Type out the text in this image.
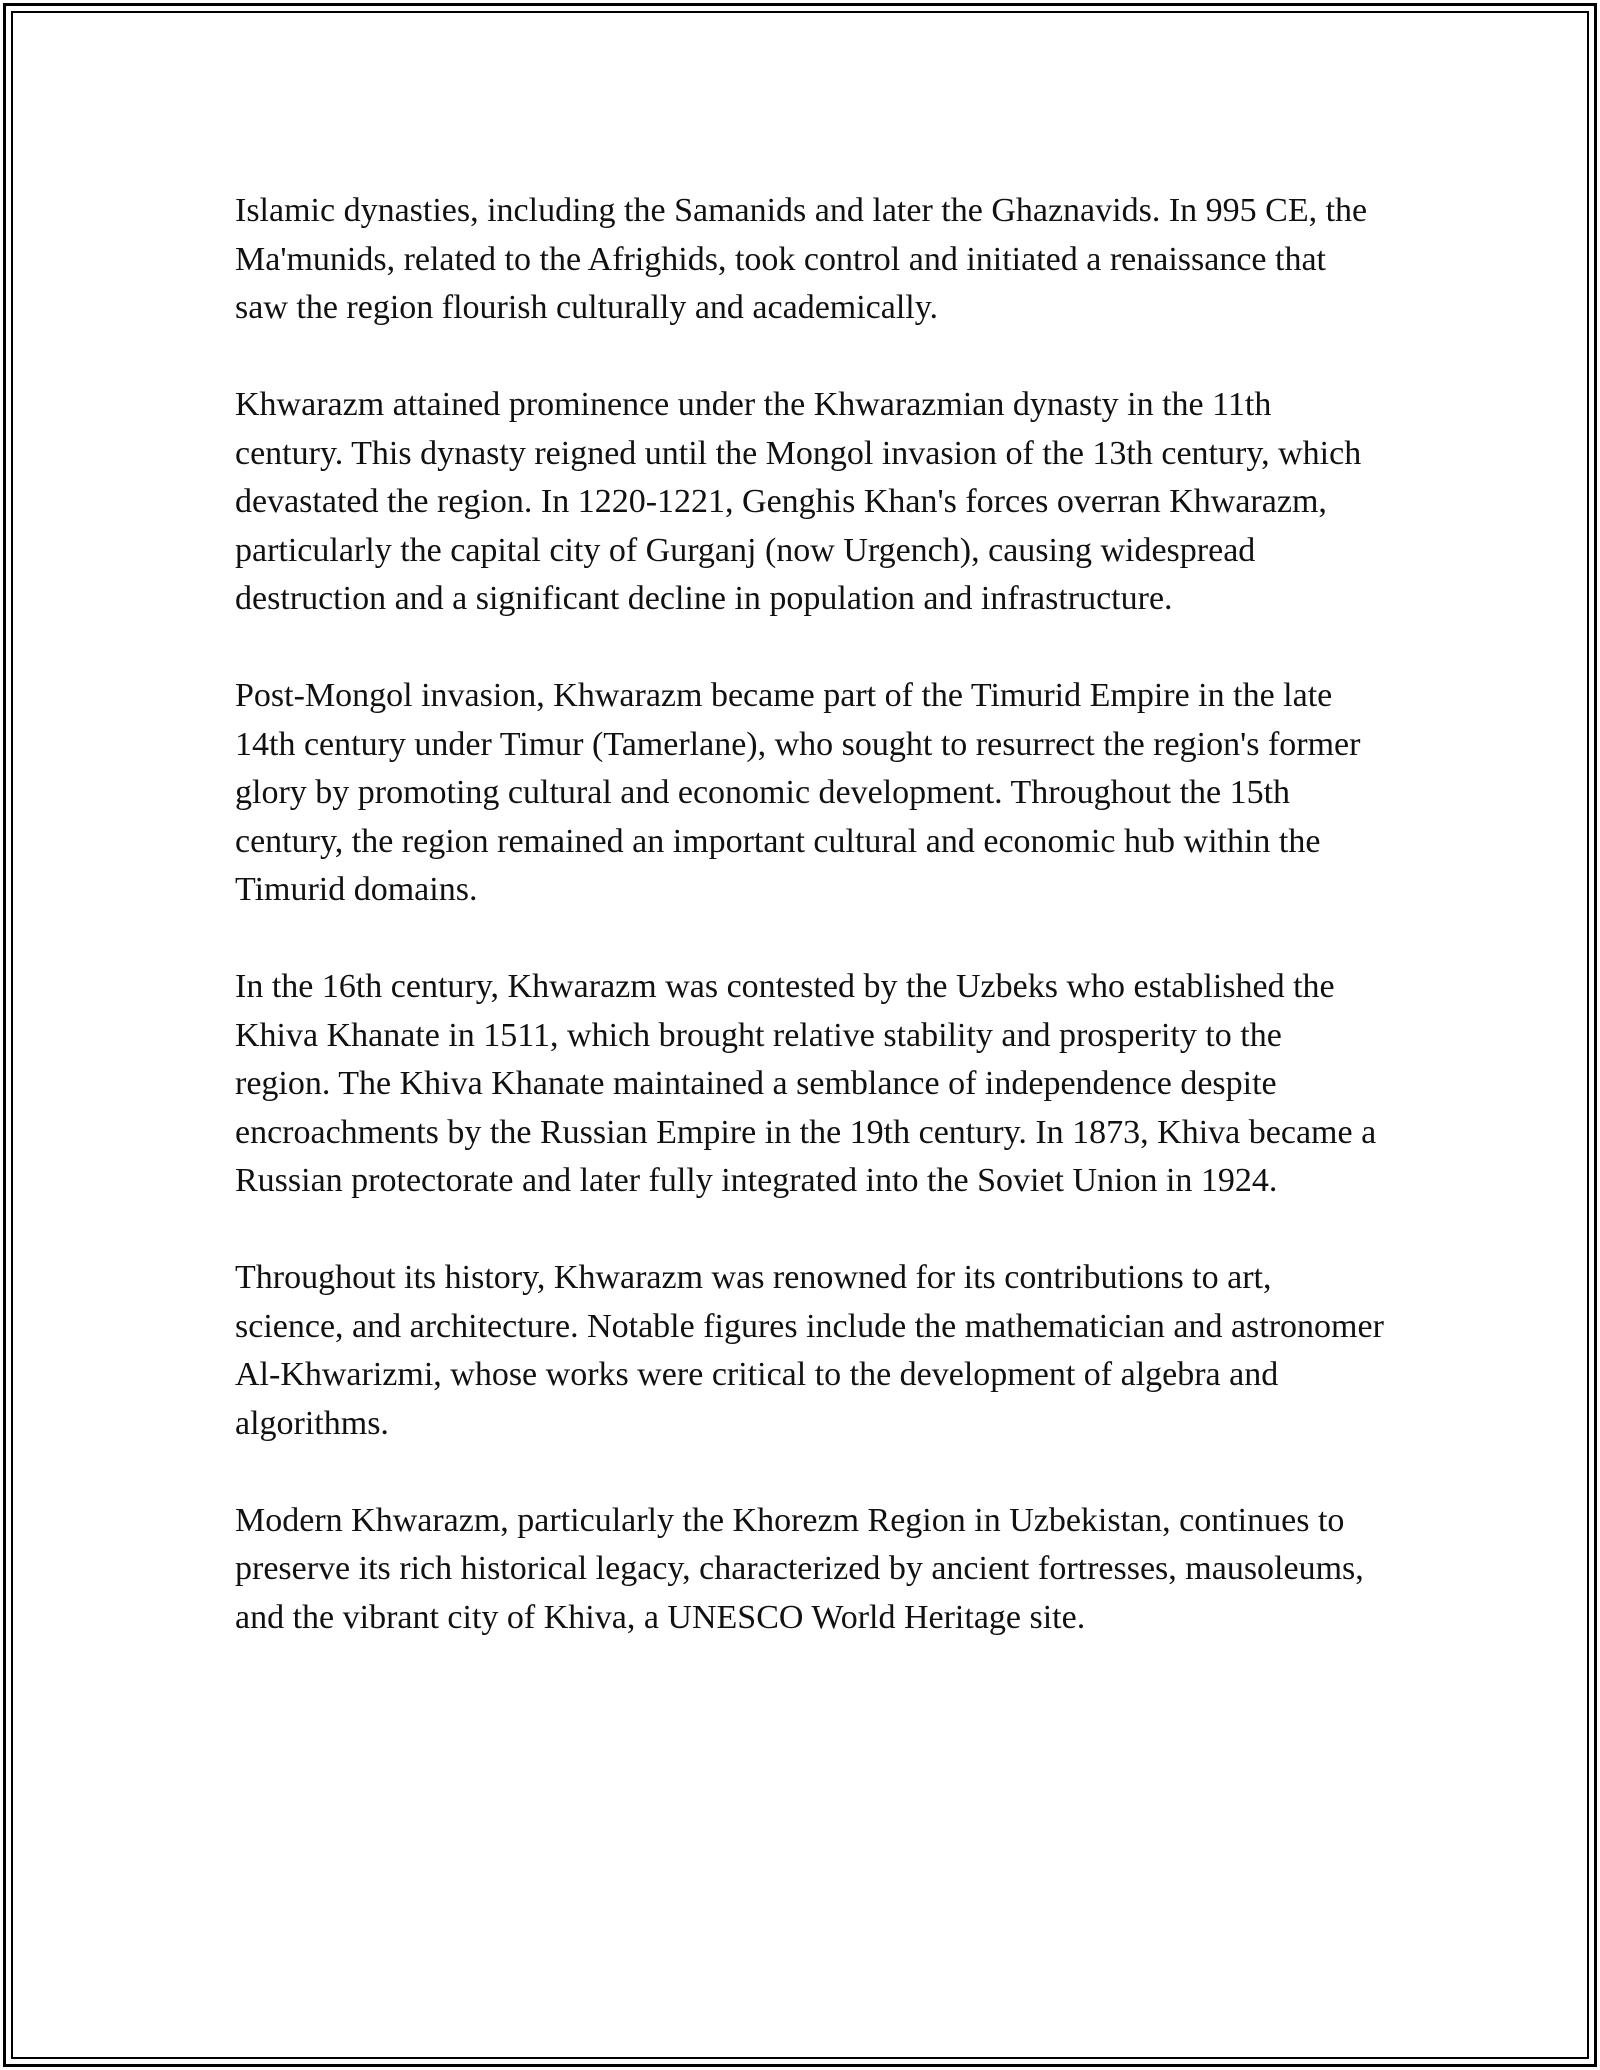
Islamic dynasties, including the Samanids and later the Ghaznavids. In 995 CE, the Ma'munids, related to the Afrighids, took control and initiated a renaissance that saw the region flourish culturally and academically.

Khwarazm attained prominence under the Khwarazmian dynasty in the 11th century. This dynasty reigned until the Mongol invasion of the 13th century, which devastated the region. In 1220-1221, Genghis Khan's forces overran Khwarazm, particularly the capital city of Gurganj (now Urgench), causing widespread destruction and a significant decline in population and infrastructure.

Post-Mongol invasion, Khwarazm became part of the Timurid Empire in the late 14th century under Timur (Tamerlane), who sought to resurrect the region's former glory by promoting cultural and economic development. Throughout the 15th century, the region remained an important cultural and economic hub within the Timurid domains.

In the 16th century, Khwarazm was contested by the Uzbeks who established the Khiva Khanate in 1511, which brought relative stability and prosperity to the region. The Khiva Khanate maintained a semblance of independence despite encroachments by the Russian Empire in the 19th century. In 1873, Khiva became a Russian protectorate and later fully integrated into the Soviet Union in 1924.

Throughout its history, Khwarazm was renowned for its contributions to art, science, and architecture. Notable figures include the mathematician and astronomer Al-Khwarizmi, whose works were critical to the development of algebra and algorithms.

Modern Khwarazm, particularly the Khorezm Region in Uzbekistan, continues to preserve its rich historical legacy, characterized by ancient fortresses, mausoleums, and the vibrant city of Khiva, a UNESCO World Heritage site.
